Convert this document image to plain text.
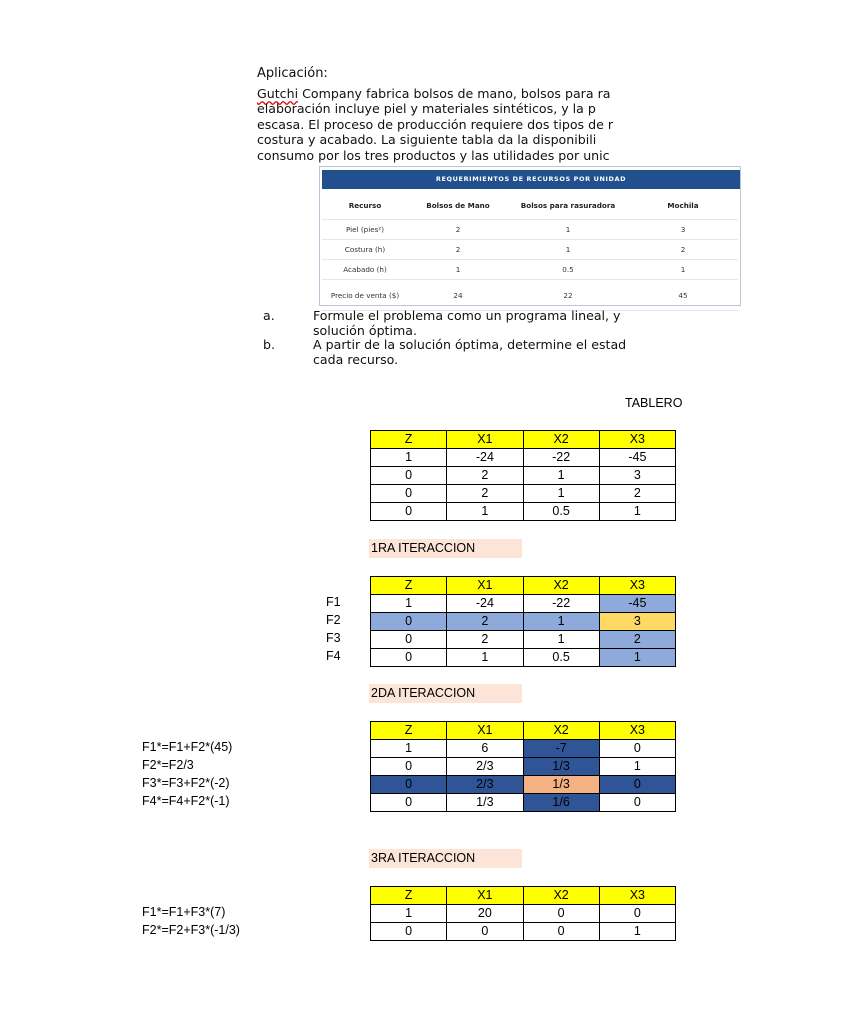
Aplicación:
Gutchi Company fabrica bolsos de mano, bolsos para ra
elaboración incluye piel y materiales sintéticos, y la p
escasa. El proceso de producción requiere dos tipos de r
costura y acabado. La siguiente tabla da la disponibili
consumo por los tres productos y las utilidades por unic
REQUERIMIENTOS DE RECURSOS POR UNIDAD
Recurso	Bolsos de Mano	Bolsos para rasuradora	Mochila
Piel (pies²)	2	1	3
Costura (h)	2	1	2
Acabado (h)	1	0.5	1
Precio de venta ($)	24	22	45
a.	Formule el problema como un programa lineal, y
solución óptima.
b.	A partir de la solución óptima, determine el estad
cada recurso.
TABLERO
Z	X1	X2	X3
1	-24	-22	-45
0	2	1	3
0	2	1	2
0	1	0.5	1
1RA ITERACCION
F1
F2
F3
F4
Z	X1	X2	X3
1	-24	-22	-45
0	2	1	3
0	2	1	2
0	1	0.5	1
2DA ITERACCION
F1*=F1+F2*(45)
F2*=F2/3
F3*=F3+F2*(-2)
F4*=F4+F2*(-1)
Z	X1	X2	X3
1	6	-7	0
0	2/3	1/3	1
0	2/3	1/3	0
0	1/3	1/6	0
3RA ITERACCION
F1*=F1+F3*(7)
F2*=F2+F3*(-1/3)
Z	X1	X2	X3
1	20	0	0
0	0	0	1
